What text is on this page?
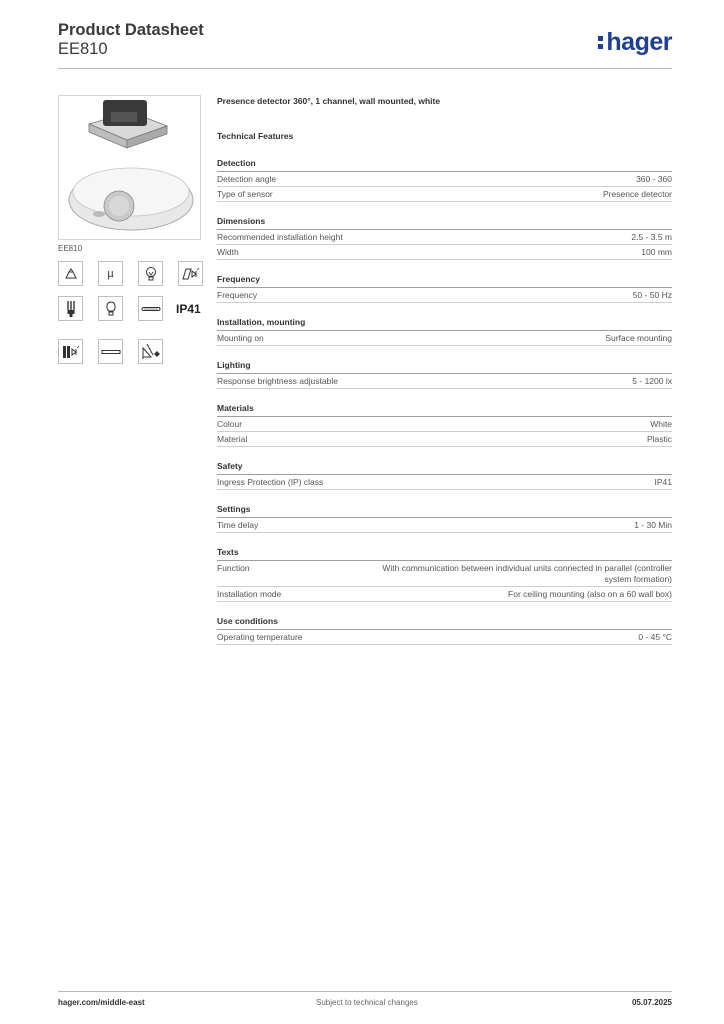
Product Datasheet
EE810	hager
EE810
µ
IP41
Presence detector 360°, 1 channel, wall mounted, white
Technical Features
Detection
Detection angle	360 - 360
Type of sensor	Presence detector
Dimensions
Recommended installation height	2.5 - 3.5 m
Width	100 mm
Frequency
Frequency	50 - 50 Hz
Installation, mounting
Mounting on	Surface mounting
Lighting
Response brightness adjustable	5 - 1200 lx
Materials
Colour	White
Material	Plastic
Safety
Ingress Protection (IP) class	IP41
Settings
Time delay	1 - 30 Min
Texts
Function	With communication between individual units connected in parallel (controller system formation)
Installation mode	For ceiling mounting (also on a 60 wall box)
Use conditions
Operating temperature	0 - 45 °C
hager.com/middle-east	Subject to technical changes	05.07.2025
